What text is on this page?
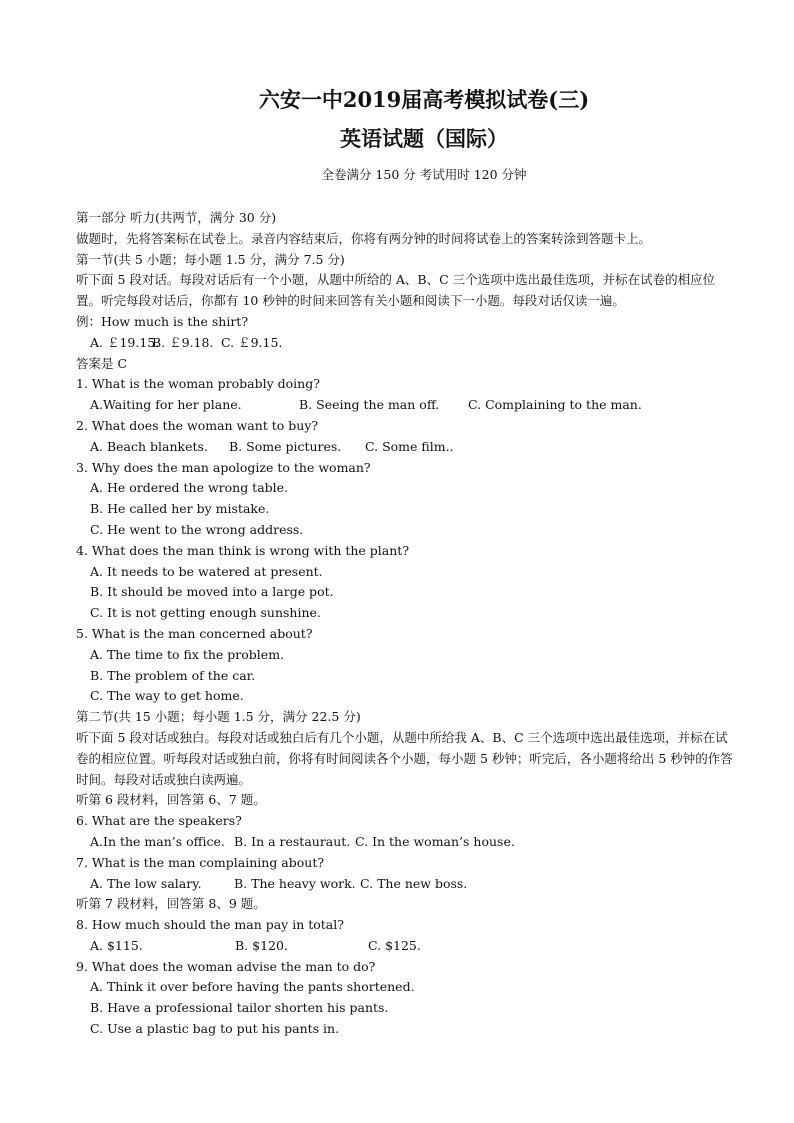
六安一中2019届高考模拟试卷(三)
英语试题（国际）
全卷满分 150 分 考试用时 120 分钟
第一部分 听力(共两节，满分 30 分)
做题时，先将答案标在试卷上。录音内容结束后，你将有两分钟的时间将试卷上的答案转涂到答题卡上。
第一节(共 5 小题；每小题 1.5 分，满分 7.5 分)
听下面 5 段对话。每段对话后有一个小题，从题中所给的 A、B、C 三个选项中选出最佳选项，并标在试卷的相应位置。听完每段对话后，你都有 10 秒钟的时间来回答有关小题和阅读下一小题。每段对话仅读一遍。
例：How much is the shirt?
A. ￡19.15.
B. ￡9.18. C. ￡9.15.
答案是 C
1. What is the woman probably doing?
A.Waiting for her plane.	B. Seeing the man off.	C. Complaining to the man.
2. What does the woman want to buy?
A. Beach blankets.	B. Some pictures.	C. Some film..
3. Why does the man apologize to the woman?
A. He ordered the wrong table.
B. He called her by mistake.
C. He went to the wrong address.
4. What does the man think is wrong with the plant?
A. It needs to be watered at present.
B. It should be moved into a large pot.
C. It is not getting enough sunshine.
5. What is the man concerned about?
A. The time to fix the problem.
B. The problem of the car.
C. The way to get home.
第二节(共 15 小题；每小题 1.5 分，满分 22.5 分)
听下面 5 段对话或独白。每段对话或独白后有几个小题，从题中所给我 A、B、C 三个选项中选出最佳选项，并标在试卷的相应位置。听每段对话或独白前，你将有时间阅读各个小题，每小题 5 秒钟；听完后，各小题将给出 5 秒钟的作答时间。每段对话或独白读两遍。
听第 6 段材料，回答第 6、7 题。
6. What are the speakers?
A.In the man’s office. B. In a restauraut. C. In the woman’s house.
7. What is the man complaining about?
A. The low salary.	B. The heavy work. C. The new boss.
听第 7 段材料，回答第 8、9 题。
8. How much should the man pay in total?
A. $115.	B. $120.	C. $125.
9. What does the woman advise the man to do?
A. Think it over before having the pants shortened.
B. Have a professional tailor shorten his pants.
C. Use a plastic bag to put his pants in.
